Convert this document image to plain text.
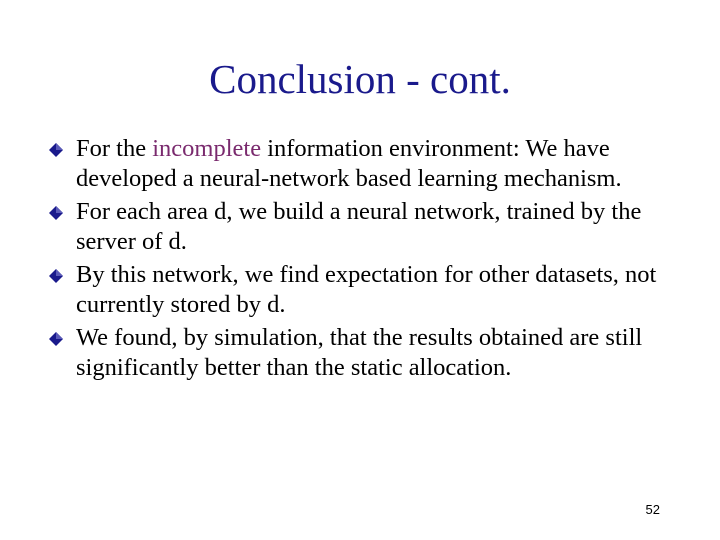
Conclusion - cont.
For the incomplete information environment: We have developed a neural-network based learning mechanism.
For each area d, we build a neural network, trained by the server of d.
By this network, we find expectation for other datasets, not currently stored by d.
We found, by simulation, that the results obtained are still significantly better than the static allocation.
52
